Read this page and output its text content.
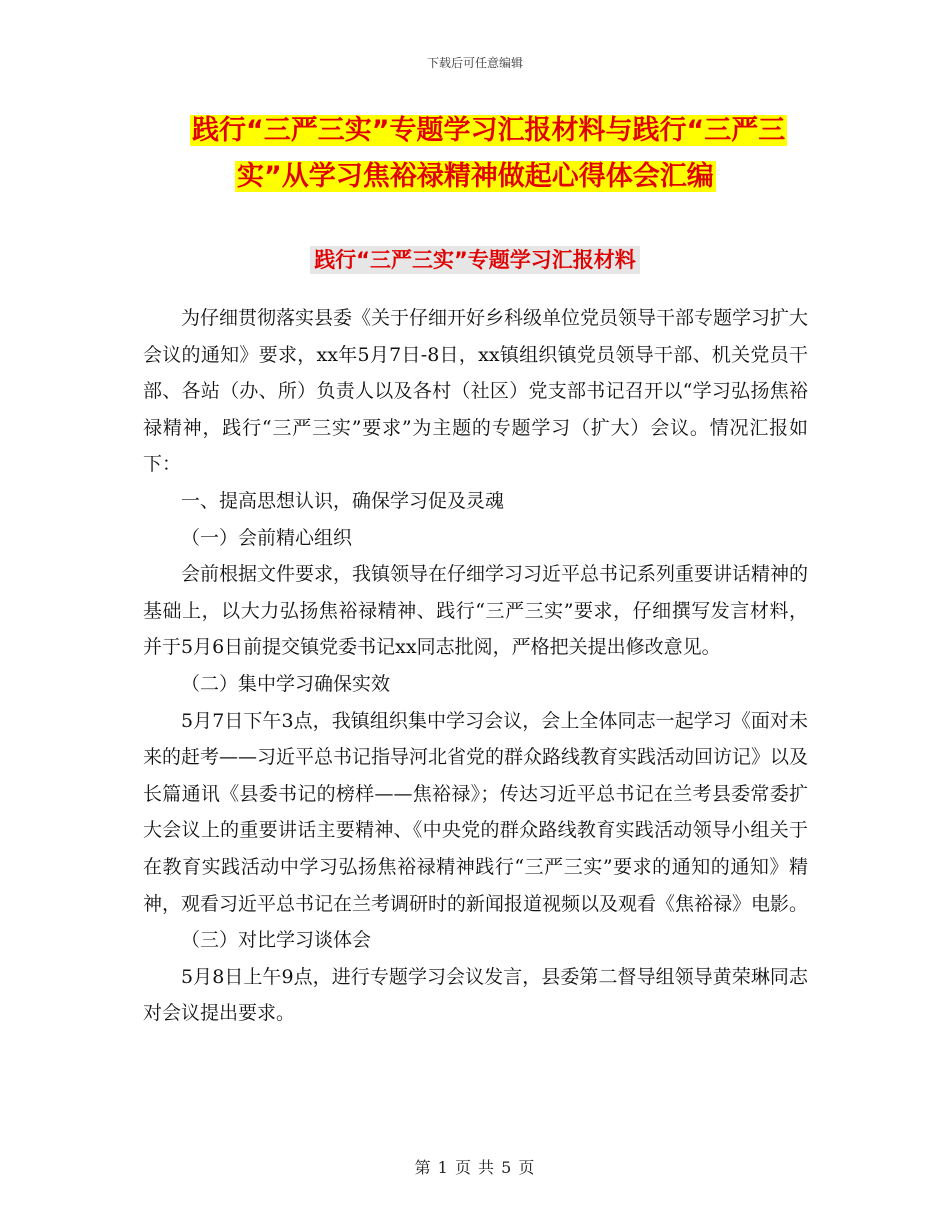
下载后可任意编辑
践行“三严三实”专题学习汇报材料与践行“三严三
实”从学习焦裕禄精神做起心得体会汇编
践行“三严三实”专题学习汇报材料

为仔细贯彻落实县委《关于仔细开好乡科级单位党员领导干部专题学习扩大会议的通知》要求，xx年5月7日-8日，xx镇组织镇党员领导干部、机关党员干部、各站（办、所）负责人以及各村（社区）党支部书记召开以“学习弘扬焦裕禄精神，践行“三严三实”要求”为主题的专题学习（扩大）会议。情况汇报如下：

一、提高思想认识，确保学习促及灵魂

（一）会前精心组织

会前根据文件要求，我镇领导在仔细学习习近平总书记系列重要讲话精神的基础上，以大力弘扬焦裕禄精神、践行“三严三实”要求，仔细撰写发言材料，并于5月6日前提交镇党委书记xx同志批阅，严格把关提出修改意见。

（二）集中学习确保实效

5月7日下午3点，我镇组织集中学习会议，会上全体同志一起学习《面对未来的赶考——习近平总书记指导河北省党的群众路线教育实践活动回访记》以及长篇通讯《县委书记的榜样——焦裕禄》；传达习近平总书记在兰考县委常委扩大会议上的重要讲话主要精神、《中央党的群众路线教育实践活动领导小组关于在教育实践活动中学习弘扬焦裕禄精神践行“三严三实”要求的通知的通知》精神，观看习近平总书记在兰考调研时的新闻报道视频以及观看《焦裕禄》电影。

（三）对比学习谈体会

5月8日上午9点，进行专题学习会议发言，县委第二督导组领导黄荣琳同志对会议提出要求。

第 1 页 共 5 页
